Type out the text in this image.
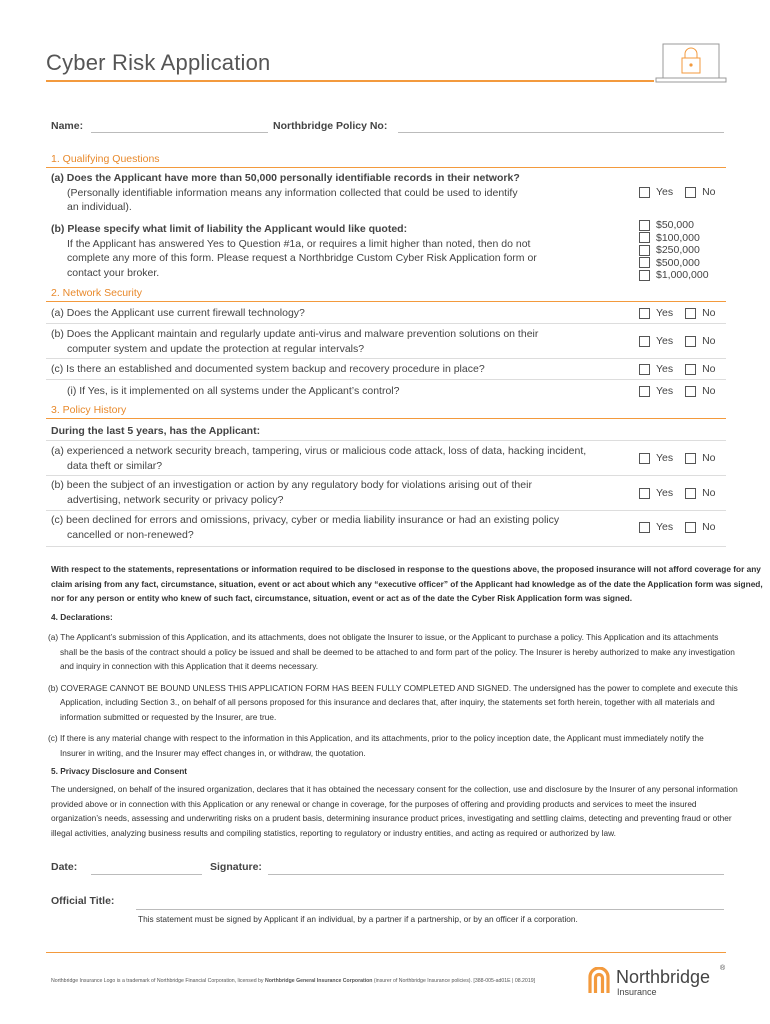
Cyber Risk Application
Name:	Northbridge Policy No:
1. Qualifying Questions
(a) Does the Applicant have more than 50,000 personally identifiable records in their network?
(Personally identifiable information means any information collected that could be used to identify
an individual).
Yes	No
(b) Please specify what limit of liability the Applicant would like quoted:
If the Applicant has answered Yes to Question #1a, or requires a limit higher than noted, then do not
complete any more of this form. Please request a Northbridge Custom Cyber Risk Application form or
contact your broker.
$50,000
$100,000
$250,000
$500,000
$1,000,000
2. Network Security
(a) Does the Applicant use current firewall technology?	Yes	No
(b) Does the Applicant maintain and regularly update anti-virus and malware prevention solutions on their
computer system and update the protection at regular intervals?
Yes	No
(c) Is there an established and documented system backup and recovery procedure in place?	Yes	No
(i) If Yes, is it implemented on all systems under the Applicant’s control?	Yes	No
3. Policy History
During the last 5 years, has the Applicant:
(a) experienced a network security breach, tampering, virus or malicious code attack, loss of data, hacking incident,
data theft or similar?
Yes	No
(b) been the subject of an investigation or action by any regulatory body for violations arising out of their
advertising, network security or privacy policy?
Yes	No
(c) been declined for errors and omissions, privacy, cyber or media liability insurance or had an existing policy
cancelled or non-renewed?
Yes	No
With respect to the statements, representations or information required to be disclosed in response to the questions above, the proposed insurance will not afford coverage for any
claim arising from any fact, circumstance, situation, event or act about which any “executive officer” of the Applicant had knowledge as of the date the Application form was signed,
nor for any person or entity who knew of such fact, circumstance, situation, event or act as of the date the Cyber Risk Application form was signed.
4. Declarations:
(a) The Applicant’s submission of this Application, and its attachments, does not obligate the Insurer to issue, or the Applicant to purchase a policy. This Application and its attachments
shall be the basis of the contract should a policy be issued and shall be deemed to be attached to and form part of the policy. The Insurer is hereby authorized to make any investigation
and inquiry in connection with this Application that it deems necessary.
(b) COVERAGE CANNOT BE BOUND UNLESS THIS APPLICATION FORM HAS BEEN FULLY COMPLETED AND SIGNED. The undersigned has the power to complete and execute this
Application, including Section 3., on behalf of all persons proposed for this insurance and declares that, after inquiry, the statements set forth herein, together with all materials and
information submitted or requested by the Insurer, are true.
(c) If there is any material change with respect to the information in this Application, and its attachments, prior to the policy inception date, the Applicant must immediately notify the
Insurer in writing, and the Insurer may effect changes in, or withdraw, the quotation.
5. Privacy Disclosure and Consent
The undersigned, on behalf of the insured organization, declares that it has obtained the necessary consent for the collection, use and disclosure by the Insurer of any personal information
provided above or in connection with this Application or any renewal or change in coverage, for the purposes of offering and providing products and services to meet the insured
organization’s needs, assessing and underwriting risks on a prudent basis, determining insurance product prices, investigating and settling claims, detecting and preventing fraud or other
illegal activities, analyzing business results and compiling statistics, reporting to regulatory or industry entities, and acting as required or authorized by law.
Date:	Signature:
Official Title:
This statement must be signed by Applicant if an individual, by a partner if a partnership, or by an officer if a corporation.
Northbridge Insurance Logo is a trademark of Northbridge Financial Corporation, licensed by Northbridge General Insurance Corporation (insurer of Northbridge Insurance policies). [388-005-ad01E | 08.2019]	Northbridge ®
Insurance
